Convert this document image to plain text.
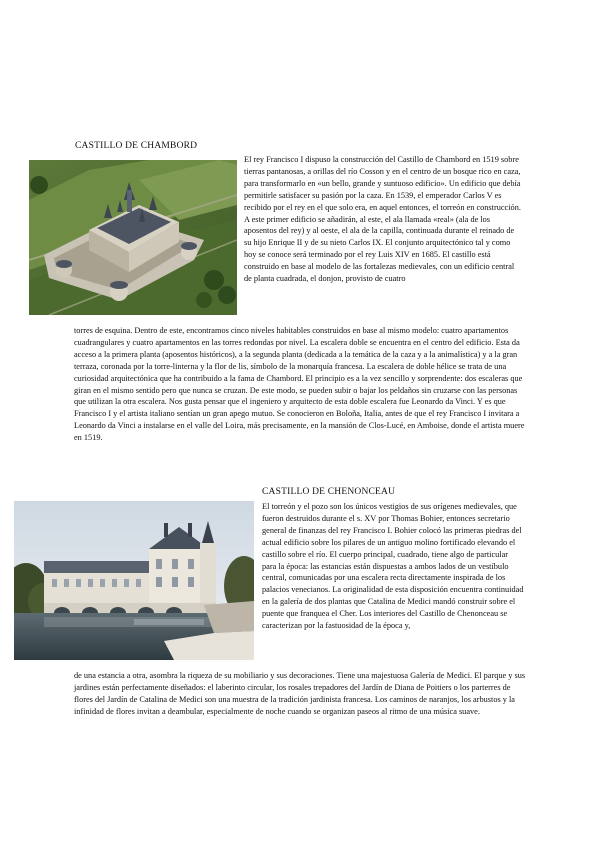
CASTILLO DE CHAMBORD

El rey Francisco I dispuso la construcción del Castillo de Chambord en 1519 sobre tierras pantanosas, a orillas del río Cosson y en el centro de un bosque rico en caza, para transformarlo en «un bello, grande y suntuoso edificio». Un edificio que debía permitirle satisfacer su pasión por la caza. En 1539, el emperador Carlos V es recibido por el rey en el que solo era, en aquel entonces, el torreón en construcción. A este primer edificio se añadirán, al este, el ala llamada «real» (ala de los aposentos del rey) y al oeste, el ala de la capilla, continuada durante el reinado de su hijo Enrique II y de su nieto Carlos IX. El conjunto arquitectónico tal y como hoy se conoce será terminado por el rey Luis XIV en 1685. El castillo está construido en base al modelo de las fortalezas medievales, con un edificio central de planta cuadrada, el donjon, provisto de cuatro

torres de esquina. Dentro de este, encontramos cinco niveles habitables construidos en base al mismo modelo: cuatro apartamentos cuadrangulares y cuatro apartamentos en las torres redondas por nivel. La escalera doble se encuentra en el centro del edificio. Esta da acceso a la primera planta (aposentos históricos), a la segunda planta (dedicada a la temática de la caza y a la animalística) y a la gran terraza, coronada por la torre-linterna y la flor de lis, símbolo de la monarquía francesa. La escalera de doble hélice se trata de una curiosidad arquitectónica que ha contribuido a la fama de Chambord. El principio es a la vez sencillo y sorprendente: dos escaleras que giran en el mismo sentido pero que nunca se cruzan. De este modo, se pueden subir o bajar los peldaños sin cruzarse con las personas que utilizan la otra escalera. Nos gusta pensar que el ingeniero y arquitecto de esta doble escalera fue Leonardo da Vinci. Y es que Francisco I y el artista italiano sentían un gran apego mutuo. Se conocieron en Boloña, Italia, antes de que el rey Francisco I invitara a Leonardo da Vinci a instalarse en el valle del Loira, más precisamente, en la mansión de Clos-Lucé, en Amboise, donde el artista muere en 1519.

CASTILLO DE CHENONCEAU

El torreón y el pozo son los únicos vestigios de sus orígenes medievales, que fueron destruidos durante el s. XV por Thomas Bohier, entonces secretario general de finanzas del rey Francisco I. Bohier colocó las primeras piedras del actual edificio sobre los pilares de un antiguo molino fortificado elevando el castillo sobre el río. El cuerpo principal, cuadrado, tiene algo de particular para la época: las estancias están dispuestas a ambos lados de un vestíbulo central, comunicadas por una escalera recta directamente inspirada de los palacios venecianos. La originalidad de esta disposición encuentra continuidad en la galería de dos plantas que Catalina de Medici mandó construir sobre el puente que franquea el Cher. Los interiores del Castillo de Chenonceau se caracterizan por la fastuosidad de la época y,

de una estancia a otra, asombra la riqueza de su mobiliario y sus decoraciones. Tiene una majestuosa Galería de Medici. El parque y sus jardines están perfectamente diseñados: el laberinto circular, los rosales trepadores del Jardín de Diana de Poitiers o los parterres de flores del Jardín de Catalina de Medici son una muestra de la tradición jardinista francesa. Los caminos de naranjos, los arbustos y la infinidad de flores invitan a deambular, especialmente de noche cuando se organizan paseos al ritmo de una música suave.
